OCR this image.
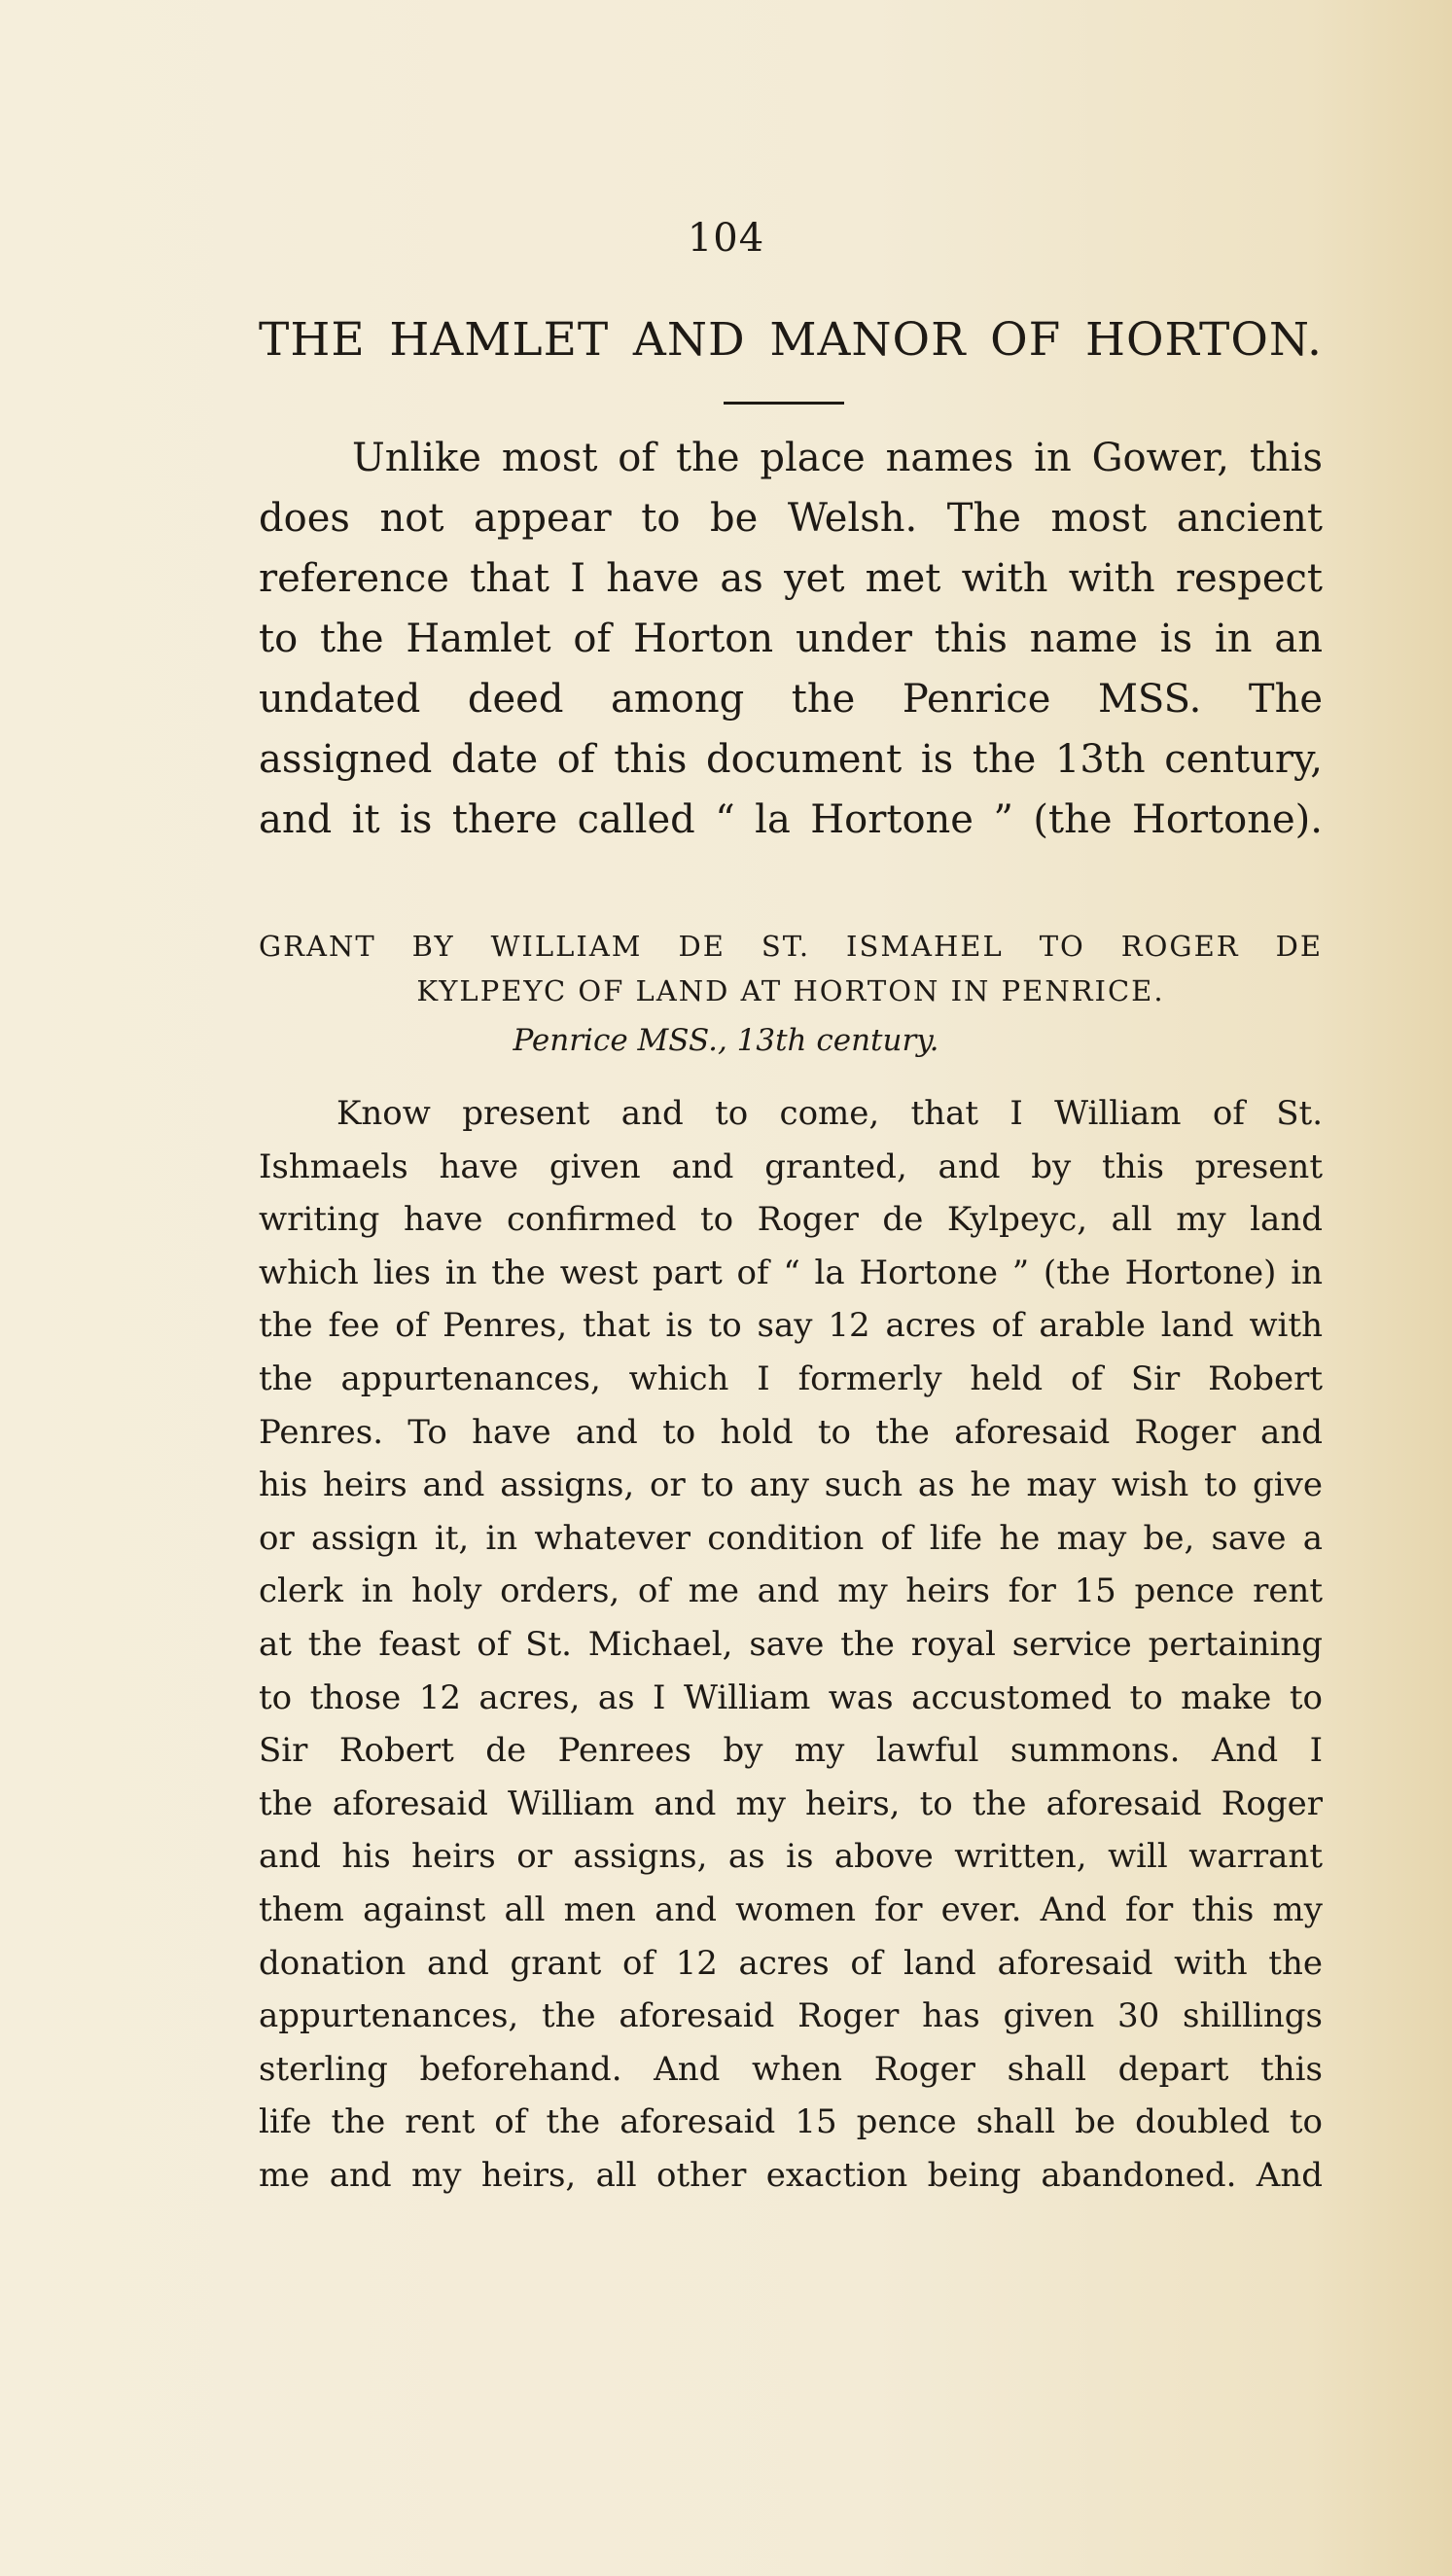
104
THE HAMLET AND MANOR OF HORTON.
Unlike most of the place names in Gower, this
does not appear to be Welsh. The most ancient
reference that I have as yet met with with respect
to the Hamlet of Horton under this name is in an
undated deed among the Penrice MSS. The
assigned date of this document is the 13th century,
and it is there called “ la Hortone ” (the Hortone).
GRANT BY WILLIAM DE ST. ISMAHEL TO ROGER DE
KYLPEYC OF LAND AT HORTON IN PENRICE.
Penrice MSS., 13th century.
Know present and to come, that I William of St.
Ishmaels have given and granted, and by this present
writing have confirmed to Roger de Kylpeyc, all my land
which lies in the west part of “ la Hortone ” (the Hortone) in
the fee of Penres, that is to say 12 acres of arable land with
the appurtenances, which I formerly held of Sir Robert
Penres. To have and to hold to the aforesaid Roger and
his heirs and assigns, or to any such as he may wish to give
or assign it, in whatever condition of life he may be, save a
clerk in holy orders, of me and my heirs for 15 pence rent
at the feast of St. Michael, save the royal service pertaining
to those 12 acres, as I William was accustomed to make to
Sir Robert de Penrees by my lawful summons. And I
the aforesaid William and my heirs, to the aforesaid Roger
and his heirs or assigns, as is above written, will warrant
them against all men and women for ever. And for this my
donation and grant of 12 acres of land aforesaid with the
appurtenances, the aforesaid Roger has given 30 shillings
sterling beforehand. And when Roger shall depart this
life the rent of the aforesaid 15 pence shall be doubled to
me and my heirs, all other exaction being abandoned. And
